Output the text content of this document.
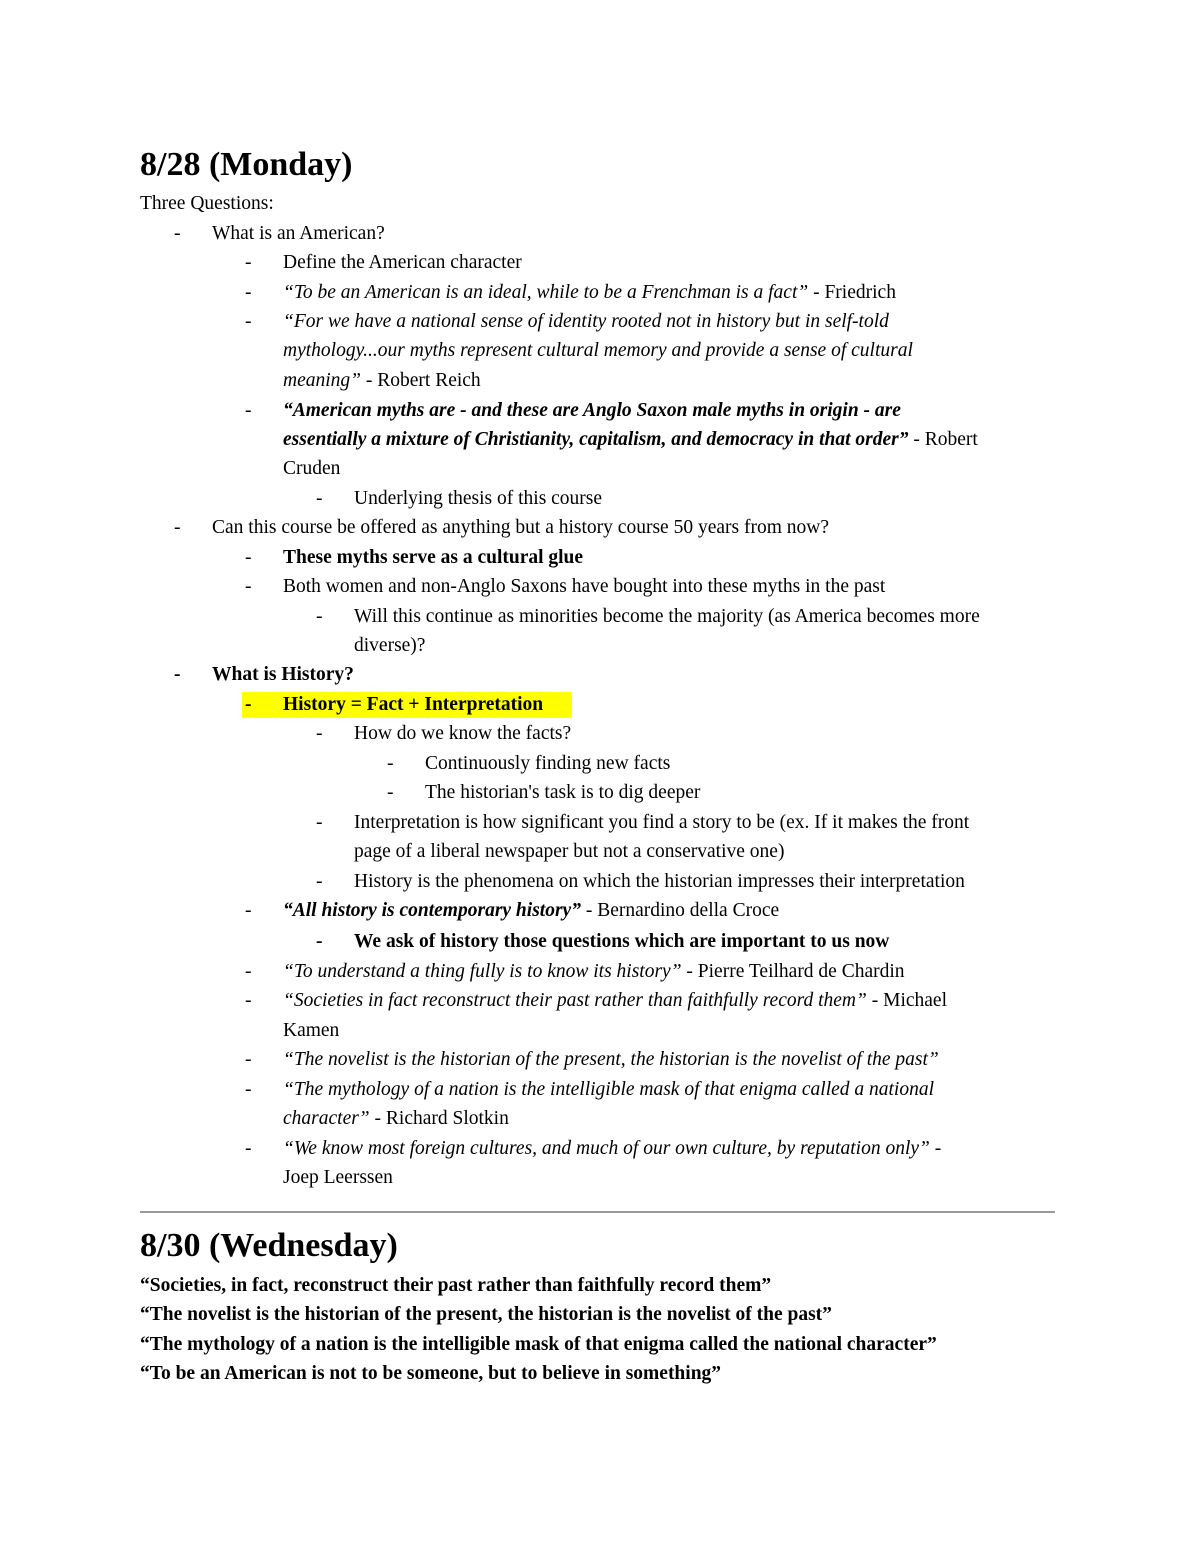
8/28 (Monday)
Three Questions:
-	What is an American?
-	Define the American character
-	“To be an American is an ideal, while to be a Frenchman is a fact” - Friedrich
-	“For we have a national sense of identity rooted not in history but in self-told
mythology...our myths represent cultural memory and provide a sense of cultural
meaning” - Robert Reich
-	“American myths are - and these are Anglo Saxon male myths in origin - are
essentially a mixture of Christianity, capitalism, and democracy in that order” - Robert
Cruden
-	Underlying thesis of this course
-	Can this course be offered as anything but a history course 50 years from now?
-	These myths serve as a cultural glue
-	Both women and non-Anglo Saxons have bought into these myths in the past
-	Will this continue as minorities become the majority (as America becomes more
diverse)?
-	What is History?
-	History = Fact + Interpretation
-	How do we know the facts?
-	Continuously finding new facts
-	The historian's task is to dig deeper
-	Interpretation is how significant you find a story to be (ex. If it makes the front
page of a liberal newspaper but not a conservative one)
-	History is the phenomena on which the historian impresses their interpretation
-	“All history is contemporary history” - Bernardino della Croce
-	We ask of history those questions which are important to us now
-	“To understand a thing fully is to know its history” - Pierre Teilhard de Chardin
-	“Societies in fact reconstruct their past rather than faithfully record them” - Michael
Kamen
-	“The novelist is the historian of the present, the historian is the novelist of the past”
-	“The mythology of a nation is the intelligible mask of that enigma called a national
character” - Richard Slotkin
-	“We know most foreign cultures, and much of our own culture, by reputation only” -
Joep Leerssen
8/30 (Wednesday)
“Societies, in fact, reconstruct their past rather than faithfully record them”
“The novelist is the historian of the present, the historian is the novelist of the past”
“The mythology of a nation is the intelligible mask of that enigma called the national character”
“To be an American is not to be someone, but to believe in something”
